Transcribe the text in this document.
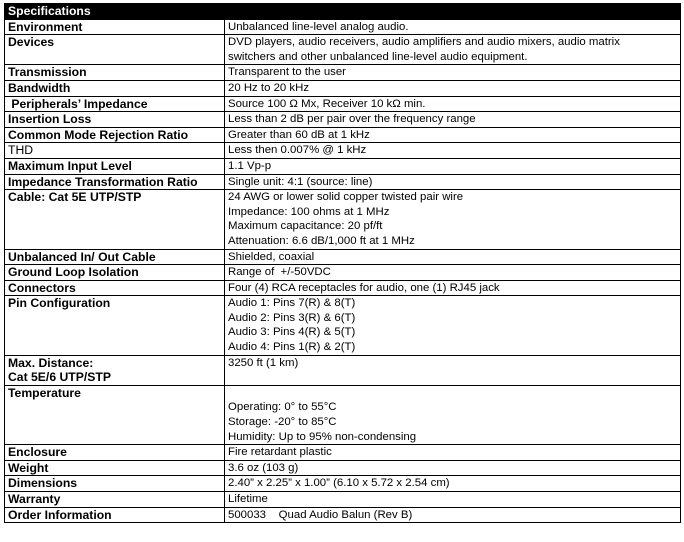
Specifications	

Environment	Unbalanced line-level analog audio.

Devices	DVD players, audio receivers, audio amplifiers and audio mixers, audio matrix
switchers and other unbalanced line-level audio equipment.

Transmission	Transparent to the user

Bandwidth	20 Hz to 20 kHz

Peripherals’ Impedance	Source 100 Ω Mx, Receiver 10 kΩ min.

Insertion Loss	Less than 2 dB per pair over the frequency range

Common Mode Rejection Ratio	Greater than 60 dB at 1 kHz

THD	Less then 0.007% @ 1 kHz

Maximum Input Level	1.1 Vp-p

Impedance Transformation Ratio	Single unit: 4:1 (source: line)

Cable: Cat 5E UTP/STP	24 AWG or lower solid copper twisted pair wire
Impedance: 100 ohms at 1 MHz
Maximum capacitance: 20 pf/ft
Attenuation: 6.6 dB/1,000 ft at 1 MHz

Unbalanced In/ Out Cable	Shielded, coaxial

Ground Loop Isolation	Range of  +/-50VDC

Connectors	Four (4) RCA receptacles for audio, one (1) RJ45 jack

Pin Configuration	Audio 1: Pins 7(R) & 8(T)
Audio 2: Pins 3(R) & 6(T)
Audio 3: Pins 4(R) & 5(T)
Audio 4: Pins 1(R) & 2(T)

Max. Distance:
Cat 5E/6 UTP/STP	3250 ft (1 km)

Temperature	Operating: 0° to 55°C
Storage: -20° to 85°C
Humidity: Up to 95% non-condensing

Enclosure	Fire retardant plastic

Weight	3.6 oz (103 g)

Dimensions	2.40” x 2.25” x 1.00” (6.10 x 5.72 x 2.54 cm)

Warranty	Lifetime

Order Information	500033    Quad Audio Balun (Rev B)
